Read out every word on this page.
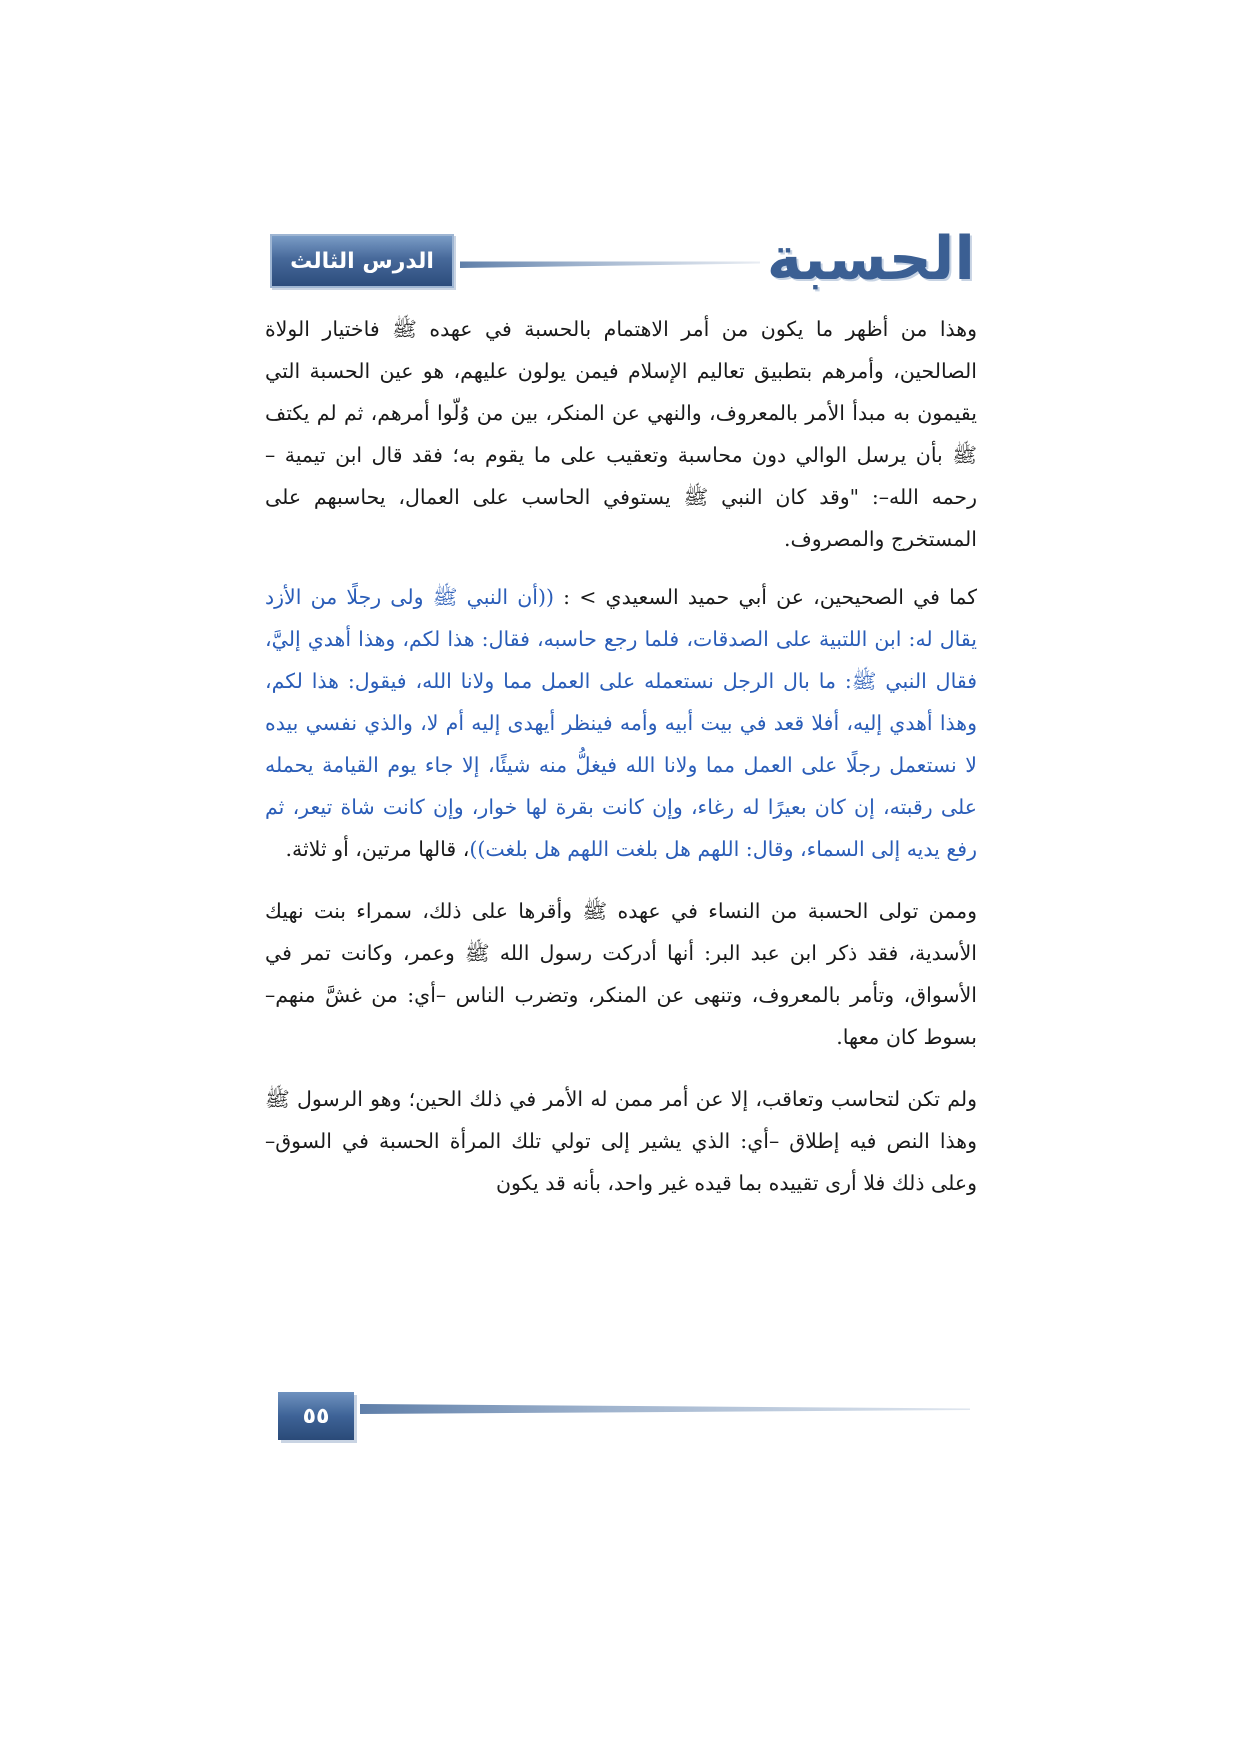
الدرس الثالث	الحسبة

وهذا من أظهر ما يكون من أمر الاهتمام بالحسبة في عهده ﷺ فاختيار الولاة الصالحين، وأمرهم بتطبيق تعاليم الإسلام فيمن يولون عليهم، هو عين الحسبة التي يقيمون به مبدأ الأمر بالمعروف، والنهي عن المنكر، بين من وُلّوا أمرهم، ثم لم يكتف ﷺ بأن يرسل الوالي دون محاسبة وتعقيب على ما يقوم به؛ فقد قال ابن تيمية –رحمه الله–: "وقد كان النبي ﷺ يستوفي الحاسب على العمال، يحاسبهم على المستخرج والمصروف.

كما في الصحيحين، عن أبي حميد السعيدي > : ((أن النبي ﷺ ولى رجلًا من الأزد يقال له: ابن اللتبية على الصدقات، فلما رجع حاسبه، فقال: هذا لكم، وهذا أهدي إليَّ، فقال النبي ﷺ: ما بال الرجل نستعمله على العمل مما ولانا الله، فيقول: هذا لكم، وهذا أهدي إليه، أفلا قعد في بيت أبيه وأمه فينظر أيهدى إليه أم لا، والذي نفسي بيده لا نستعمل رجلًا على العمل مما ولانا الله فيغلُّ منه شيئًا، إلا جاء يوم القيامة يحمله على رقبته، إن كان بعيرًا له رغاء، وإن كانت بقرة لها خوار، وإن كانت شاة تيعر، ثم رفع يديه إلى السماء، وقال: اللهم هل بلغت اللهم هل بلغت))، قالها مرتين، أو ثلاثة.

وممن تولى الحسبة من النساء في عهده ﷺ وأقرها على ذلك، سمراء بنت نهيك الأسدية، فقد ذكر ابن عبد البر: أنها أدركت رسول الله ﷺ وعمر، وكانت تمر في الأسواق، وتأمر بالمعروف، وتنهى عن المنكر، وتضرب الناس –أي: من غشَّ منهم– بسوط كان معها.

ولم تكن لتحاسب وتعاقب، إلا عن أمر ممن له الأمر في ذلك الحين؛ وهو الرسول ﷺ وهذا النص فيه إطلاق –أي: الذي يشير إلى تولي تلك المرأة الحسبة في السوق– وعلى ذلك فلا أرى تقييده بما قيده غير واحد، بأنه قد يكون

٥٥
